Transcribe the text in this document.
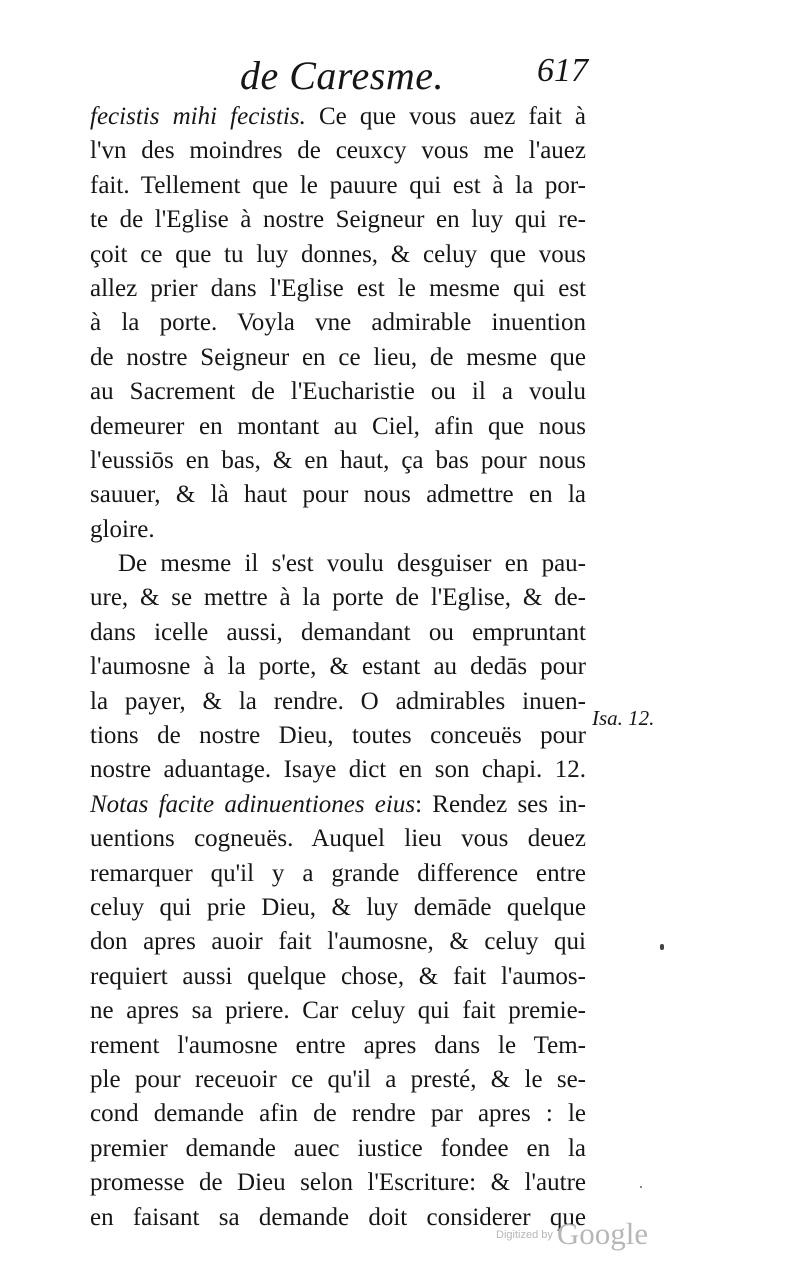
de Caresme.	617
fecistis mihi fecistis. Ce que vous auez fait à
l'vn des moindres de ceuxcy vous me l'auez
fait. Tellement que le pauure qui est à la por-
te de l'Eglise à nostre Seigneur en luy qui re-
çoit ce que tu luy donnes, & celuy que vous
allez prier dans l'Eglise est le mesme qui est
à la porte. Voyla vne admirable inuention
de nostre Seigneur en ce lieu, de mesme que
au Sacrement de l'Eucharistie ou il a voulu
demeurer en montant au Ciel, afin que nous
l'eussiōs en bas, & en haut, ça bas pour nous
sauuer, & là haut pour nous admettre en la
gloire.
De mesme il s'est voulu desguiser en pau-
ure, & se mettre à la porte de l'Eglise, & de-
dans icelle aussi, demandant ou empruntant
l'aumosne à la porte, & estant au dedās pour
la payer, & la rendre. O admirables inuen-
tions de nostre Dieu, toutes conceuës pour
nostre aduantage. Isaye dict en son chapi. 12.
Notas facite adinuentiones eius: Rendez ses in-
uentions cogneuës. Auquel lieu vous deuez
remarquer qu'il y a grande difference entre
celuy qui prie Dieu, & luy demāde quelque
don apres auoir fait l'aumosne, & celuy qui
requiert aussi quelque chose, & fait l'aumos-
ne apres sa priere. Car celuy qui fait premie-
rement l'aumosne entre apres dans le Tem-
ple pour receuoir ce qu'il a presté, & le se-
cond demande afin de rendre par apres : le
premier demande auec iustice fondee en la
promesse de Dieu selon l'Escriture: & l'autre
en faisant sa demande doit considerer que
Isa. 12.
$^{Digitized by}$ Google
